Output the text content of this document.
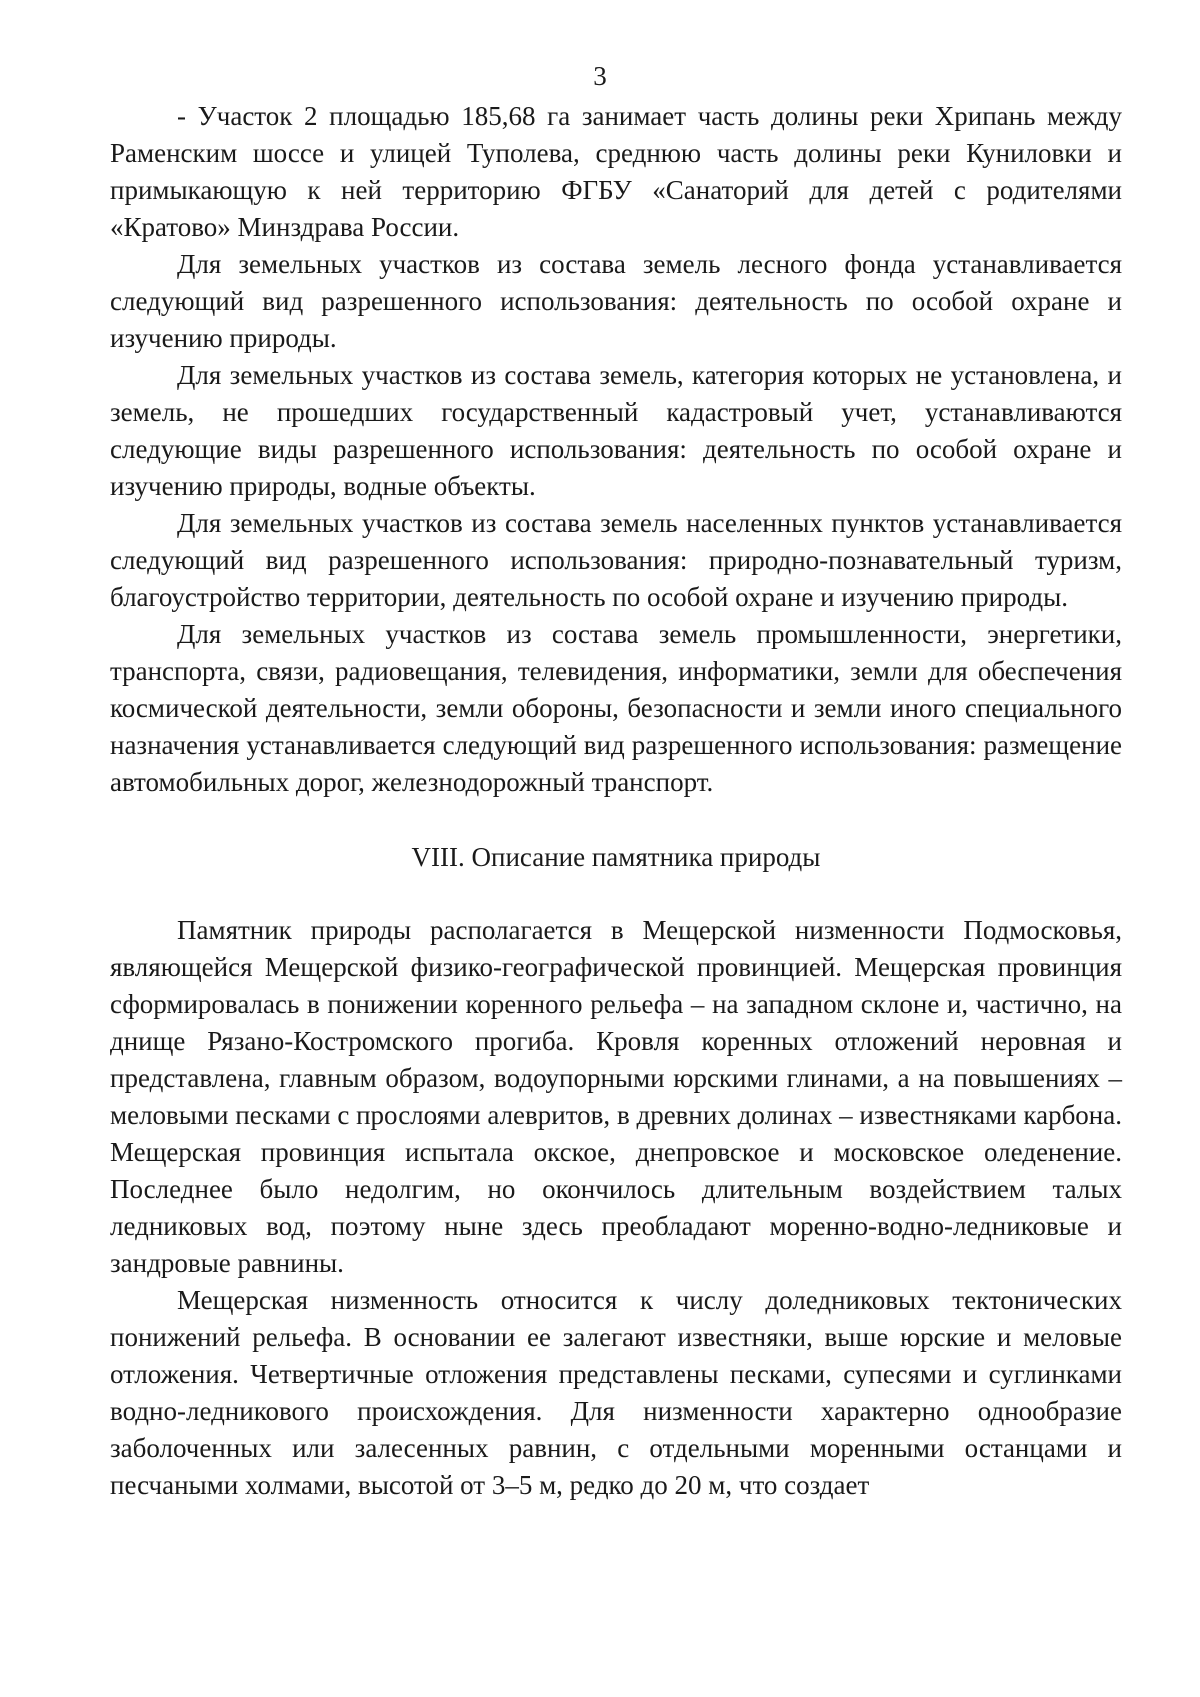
3

- Участок 2 площадью 185,68 га занимает часть долины реки Хрипань между Раменским шоссе и улицей Туполева, среднюю часть долины реки Куниловки и примыкающую к ней территорию ФГБУ «Санаторий для детей с родителями «Кратово» Минздрава России.

Для земельных участков из состава земель лесного фонда устанавливается следующий вид разрешенного использования: деятельность по особой охране и изучению природы.

Для земельных участков из состава земель, категория которых не установлена, и земель, не прошедших государственный кадастровый учет, устанавливаются следующие виды разрешенного использования: деятельность по особой охране и изучению природы, водные объекты.

Для земельных участков из состава земель населенных пунктов устанавливается следующий вид разрешенного использования: природно-познавательный туризм, благоустройство территории, деятельность по особой охране и изучению природы.

Для земельных участков из состава земель промышленности, энергетики, транспорта, связи, радиовещания, телевидения, информатики, земли для обеспечения космической деятельности, земли обороны, безопасности и земли иного специального назначения устанавливается следующий вид разрешенного использования: размещение автомобильных дорог, железнодорожный транспорт.

VIII. Описание памятника природы

Памятник природы располагается в Мещерской низменности Подмосковья, являющейся Мещерской физико-географической провинцией. Мещерская провинция сформировалась в понижении коренного рельефа – на западном склоне и, частично, на днище Рязано-Костромского прогиба. Кровля коренных отложений неровная и представлена, главным образом, водоупорными юрскими глинами, а на повышениях – меловыми песками с прослоями алевритов, в древних долинах – известняками карбона. Мещерская провинция испытала окское, днепровское и московское оледенение. Последнее было недолгим, но окончилось длительным воздействием талых ледниковых вод, поэтому ныне здесь преобладают моренно-водно-ледниковые и зандровые равнины.

Мещерская низменность относится к числу доледниковых тектонических понижений рельефа. В основании ее залегают известняки, выше юрские и меловые отложения. Четвертичные отложения представлены песками, супесями и суглинками водно-ледникового происхождения. Для низменности характерно однообразие заболоченных или залесенных равнин, с отдельными моренными останцами и песчаными холмами, высотой от 3–5 м, редко до 20 м, что создает
